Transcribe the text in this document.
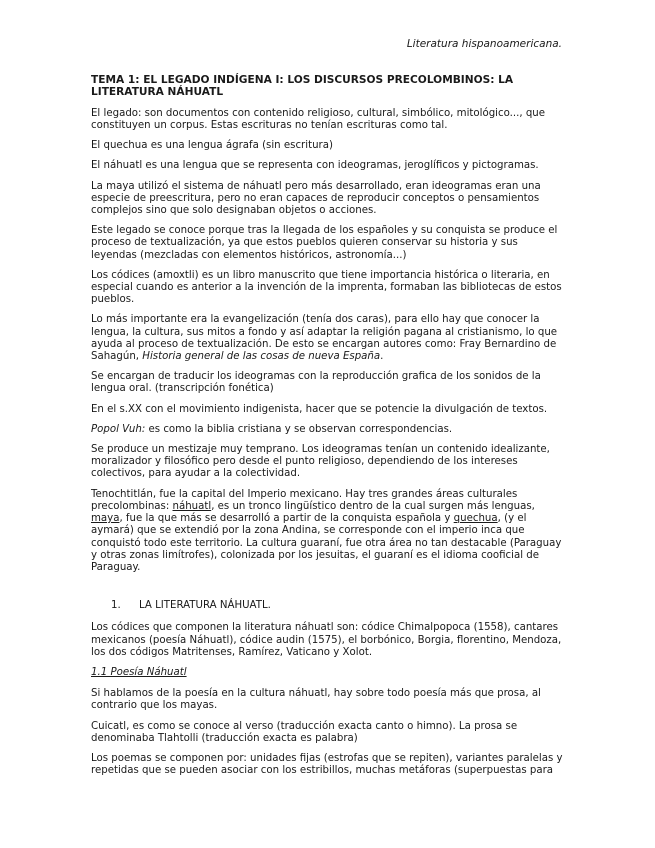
Literatura hispanoamericana.
TEMA 1: EL LEGADO INDÍGENA I: LOS DISCURSOS PRECOLOMBINOS: LA LITERATURA NÁHUATL

El legado: son documentos con contenido religioso, cultural, simbólico, mitológico..., que constituyen un corpus. Estas escrituras no tenían escrituras como tal.

El quechua es una lengua ágrafa (sin escritura)

El náhuatl es una lengua que se representa con ideogramas, jeroglíficos y pictogramas.

La maya utilizó el sistema de náhuatl pero más desarrollado, eran ideogramas eran una especie de preescritura, pero no eran capaces de reproducir conceptos o pensamientos complejos sino que solo designaban objetos o acciones.

Este legado se conoce porque tras la llegada de los españoles y su conquista se produce el proceso de textualización, ya que estos pueblos quieren conservar su historia y sus leyendas (mezcladas con elementos históricos, astronomía...)

Los códices (amoxtli) es un libro manuscrito que tiene importancia histórica o literaria, en especial cuando es anterior a la invención de la imprenta, formaban las bibliotecas de estos pueblos.

Lo más importante era la evangelización (tenía dos caras), para ello hay que conocer la lengua, la cultura, sus mitos a fondo y así adaptar la religión pagana al cristianismo, lo que ayuda al proceso de textualización. De esto se encargan autores como: Fray Bernardino de Sahagún, Historia general de las cosas de nueva España.

Se encargan de traducir los ideogramas con la reproducción grafica de los sonidos de la lengua oral. (transcripción fonética)

En el s.XX con el movimiento indigenista, hacer que se potencie la divulgación de textos.

Popol Vuh: es como la biblia cristiana y se observan correspondencias.

Se produce un mestizaje muy temprano. Los ideogramas tenían un contenido idealizante, moralizador y filosófico pero desde el punto religioso, dependiendo de los intereses colectivos, para ayudar a la colectividad.

Tenochtitlán, fue la capital del Imperio mexicano. Hay tres grandes áreas culturales precolombinas: náhuatl, es un tronco lingüístico dentro de la cual surgen más lenguas, maya, fue la que más se desarrolló a partir de la conquista española y quechua, (y el aymará) que se extendió por la zona Andina, se corresponde con el imperio inca que conquistó todo este territorio. La cultura guaraní, fue otra área no tan destacable (Paraguay y otras zonas limítrofes), colonizada por los jesuitas, el guaraní es el idioma cooficial de Paraguay.

1. LA LITERATURA NÁHUATL.

Los códices que componen la literatura náhuatl son: códice Chimalpopoca (1558), cantares mexicanos (poesía Náhuatl), códice audin (1575), el borbónico, Borgia, florentino, Mendoza, los dos códigos Matritenses, Ramírez, Vaticano y Xolot.

1.1 Poesía Náhuatl

Si hablamos de la poesía en la cultura náhuatl, hay sobre todo poesía más que prosa, al contrario que los mayas.

Cuicatl, es como se conoce al verso (traducción exacta canto o himno). La prosa se denominaba Tlahtolli (traducción exacta es palabra)

Los poemas se componen por: unidades fijas (estrofas que se repiten), variantes paralelas y repetidas que se pueden asociar con los estribillos, muchas metáforas (superpuestas para
